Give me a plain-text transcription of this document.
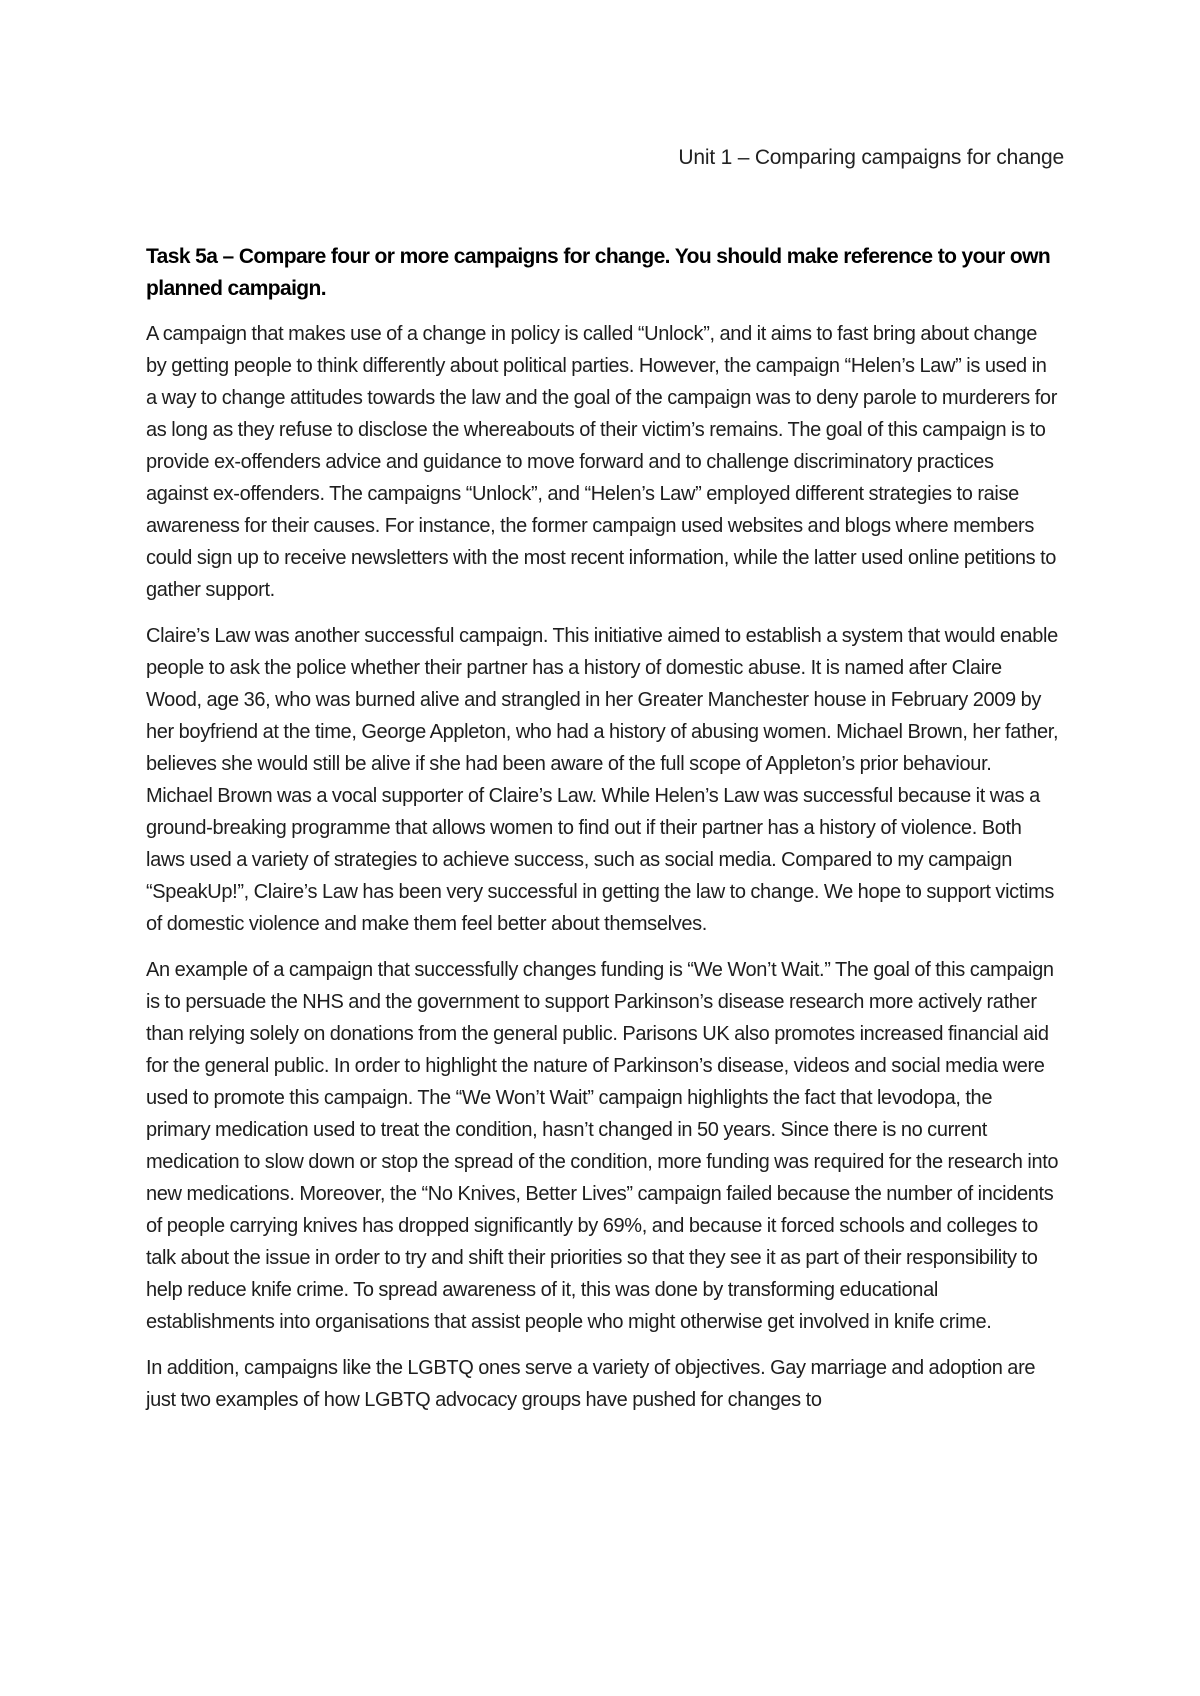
Unit 1 – Comparing campaigns for change

Task 5a – Compare four or more campaigns for change. You should make reference to your own planned campaign.

A campaign that makes use of a change in policy is called “Unlock”, and it aims to fast bring about change by getting people to think differently about political parties. However, the campaign “Helen’s Law” is used in a way to change attitudes towards the law and the goal of the campaign was to deny parole to murderers for as long as they refuse to disclose the whereabouts of their victim’s remains. The goal of this campaign is to provide ex-offenders advice and guidance to move forward and to challenge discriminatory practices against ex-offenders. The campaigns “Unlock”, and “Helen’s Law” employed different strategies to raise awareness for their causes. For instance, the former campaign used websites and blogs where members could sign up to receive newsletters with the most recent information, while the latter used online petitions to gather support.

Claire’s Law was another successful campaign. This initiative aimed to establish a system that would enable people to ask the police whether their partner has a history of domestic abuse. It is named after Claire Wood, age 36, who was burned alive and strangled in her Greater Manchester house in February 2009 by her boyfriend at the time, George Appleton, who had a history of abusing women. Michael Brown, her father, believes she would still be alive if she had been aware of the full scope of Appleton’s prior behaviour. Michael Brown was a vocal supporter of Claire’s Law. While Helen’s Law was successful because it was a ground-breaking programme that allows women to find out if their partner has a history of violence. Both laws used a variety of strategies to achieve success, such as social media. Compared to my campaign “SpeakUp!”, Claire’s Law has been very successful in getting the law to change. We hope to support victims of domestic violence and make them feel better about themselves.

An example of a campaign that successfully changes funding is “We Won’t Wait.” The goal of this campaign is to persuade the NHS and the government to support Parkinson’s disease research more actively rather than relying solely on donations from the general public. Parisons UK also promotes increased financial aid for the general public. In order to highlight the nature of Parkinson’s disease, videos and social media were used to promote this campaign. The “We Won’t Wait” campaign highlights the fact that levodopa, the primary medication used to treat the condition, hasn’t changed in 50 years. Since there is no current medication to slow down or stop the spread of the condition, more funding was required for the research into new medications. Moreover, the “No Knives, Better Lives” campaign failed because the number of incidents of people carrying knives has dropped significantly by 69%, and because it forced schools and colleges to talk about the issue in order to try and shift their priorities so that they see it as part of their responsibility to help reduce knife crime. To spread awareness of it, this was done by transforming educational establishments into organisations that assist people who might otherwise get involved in knife crime.

In addition, campaigns like the LGBTQ ones serve a variety of objectives. Gay marriage and adoption are just two examples of how LGBTQ advocacy groups have pushed for changes to
